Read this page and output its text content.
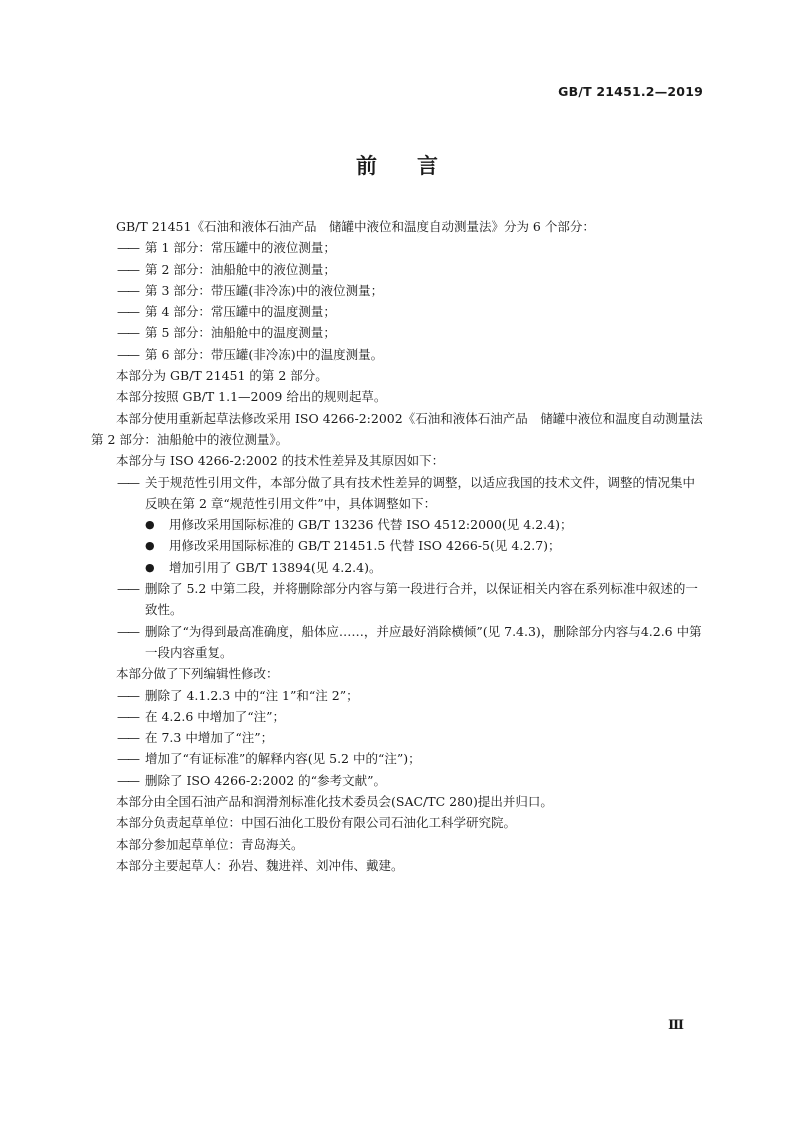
GB/T 21451.2—2019
前 言

GB/T 21451《石油和液体石油产品　储罐中液位和温度自动测量法》分为 6 个部分：

—— 第 1 部分：常压罐中的液位测量；

—— 第 2 部分：油船舱中的液位测量；

—— 第 3 部分：带压罐(非冷冻)中的液位测量；

—— 第 4 部分：常压罐中的温度测量；

—— 第 5 部分：油船舱中的温度测量；

—— 第 6 部分：带压罐(非冷冻)中的温度测量。

本部分为 GB/T 21451 的第 2 部分。

本部分按照 GB/T 1.1—2009 给出的规则起草。

本部分使用重新起草法修改采用 ISO 4266-2:2002《石油和液体石油产品　储罐中液位和温度自动测量法　第 2 部分：油船舱中的液位测量》。

本部分与 ISO 4266-2:2002 的技术性差异及其原因如下：

—— 关于规范性引用文件，本部分做了具有技术性差异的调整，以适应我国的技术文件，调整的情况集中反映在第 2 章“规范性引用文件”中，具体调整如下：

● 用修改采用国际标准的 GB/T 13236 代替 ISO 4512:2000(见 4.2.4)；

● 用修改采用国际标准的 GB/T 21451.5 代替 ISO 4266-5(见 4.2.7)；

● 增加引用了 GB/T 13894(见 4.2.4)。

—— 删除了 5.2 中第二段，并将删除部分内容与第一段进行合并，以保证相关内容在系列标准中叙述的一致性。

—— 删除了“为得到最高准确度，船体应……，并应最好消除横倾”(见 7.4.3)，删除部分内容与4.2.6 中第一段内容重复。

本部分做了下列编辑性修改：

—— 删除了 4.1.2.3 中的“注 1”和“注 2”；

—— 在 4.2.6 中增加了“注”；

—— 在 7.3 中增加了“注”；

—— 增加了“有证标准”的解释内容(见 5.2 中的“注”)；

—— 删除了 ISO 4266-2:2002 的“参考文献”。

本部分由全国石油产品和润滑剂标准化技术委员会(SAC/TC 280)提出并归口。

本部分负责起草单位：中国石油化工股份有限公司石油化工科学研究院。

本部分参加起草单位：青岛海关。

本部分主要起草人：孙岩、魏进祥、刘冲伟、戴建。

Ⅲ
